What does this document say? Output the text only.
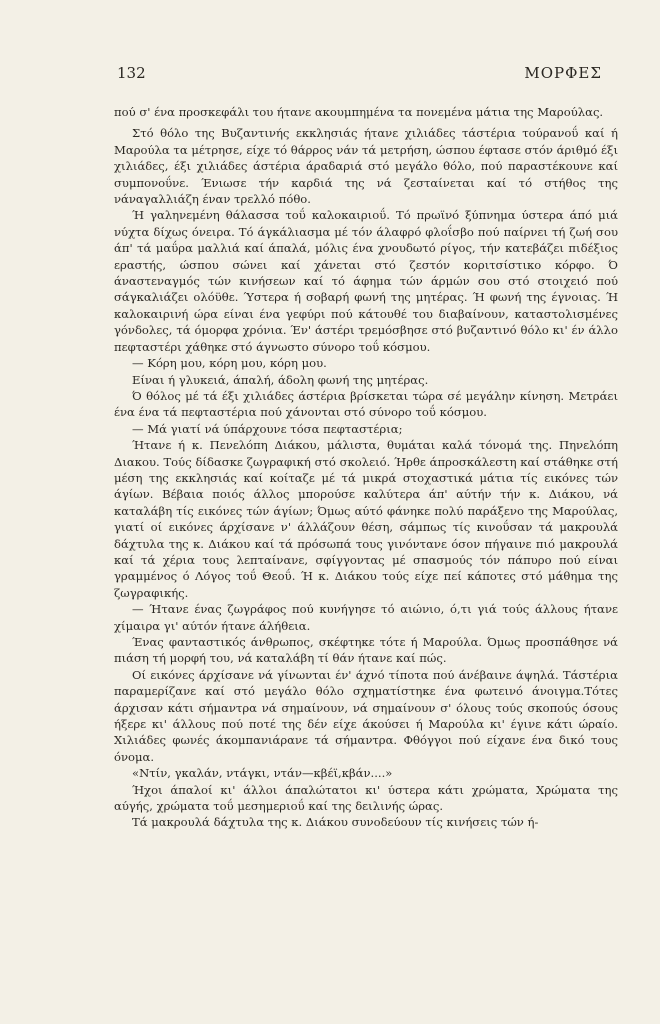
132	ΜΟΡΦΕΣ

πού σ' ένα προσκεφάλι του ήτανε ακουμπημένα τα πονεμένα μάτια της Μαρούλας.

Στό θόλο της Βυζαντινής εκκλησιάς ήτανε χιλιάδες τάστέρια τούρανοΰ καί ή Μαρούλα τα μέτρησε, είχε τό θάρρος νάν τά μετρήση, ώσπου έφτασε στόν άριθμό έξι χιλιάδες, έξι χιλιάδες άστέρια άραδαριά στό μεγάλο θόλο, πού παραστέκουνε καί συμπονοΰνε. Ένιωσε τήν καρδιά της νά ζεσταίνεται καί τό στήθος της νάναγαλλιάζη έναν τρελλό πόθο.

Ή γαληνεμένη θάλασσα τοΰ καλοκαιριοΰ. Τό πρωϊνό ξύπνημα ύστερα άπό μιά νύχτα δίχως όνειρα. Τό άγκάλιασμα μέ τόν άλαφρό φλοΐσβο πού παίρνει τή ζωή σου άπ' τά μαΰρα μαλλιά καί άπαλά, μόλις ένα χνουδωτό ρίγος, τήν κατεβάζει πιδέξιος εραστής, ώσπου σώνει καί χάνεται στό ζεστόν κοριτσίστικο κόρφο. Ό άναστεναγμός τών κινήσεων καί τό άφημα τών άρμών σου στό στοιχειό πού σάγκαλιάζει ολόϋθε. Ύστερα ή σοβαρή φωνή της μητέρας. Ή φωνή της έγνοιας. Ή καλοκαιρινή ώρα είναι ένα γεφύρι πού κάτουθέ του διαβαίνουν, καταστολισμένες γόνδολες, τά όμορφα χρόνια. Έν' άστέρι τρεμόσβησε στό βυζαντινό θόλο κι' έν άλλο πεφταστέρι χάθηκε στό άγνωστο σύνορο τοΰ κόσμου.

— Κόρη μου, κόρη μου, κόρη μου.

Είναι ή γλυκειά, άπαλή, άδολη φωνή της μητέρας.

Ό θόλος μέ τά έξι χιλιάδες άστέρια βρίσκεται τώρα σέ μεγάλην κίνηση. Μετράει ένα ένα τά πεφταστέρια πού χάνονται στό σύνορο τοΰ κόσμου.

— Μά γιατί νά ύπάρχουνε τόσα πεφταστέρια;

Ήτανε ή κ. Πενελόπη Διάκου, μάλιστα, θυμάται καλά τόνομά της. Πηνελόπη Διακου. Τούς δίδασκε ζωγραφική στό σκολειό. Ήρθε άπροσκάλεστη καί στάθηκε στή μέση της εκκλησιάς καί κοίταζε μέ τά μικρά στοχαστικά μάτια τίς εικόνες τών άγίων. Βέβαια ποιός άλλος μπορούσε καλύτερα άπ' αύτήν τήν κ. Διάκου, νά καταλάβη τίς εικόνες τών άγίων; Όμως αύτό φάνηκε πολύ παράξενο της Μαρούλας, γιατί οί εικόνες άρχίσανε ν' άλλάζουν θέση, σάμπως τίς κινοΰσαν τά μακρουλά δάχτυλα της κ. Διάκου καί τά πρόσωπά τους γινόντανε όσον πήγαινε πιό μακρουλά καί τά χέρια τους λεπταίνανε, σφίγγοντας μέ σπασμούς τόν πάπυρο πού είναι γραμμένος ό Λόγος τοΰ Θεοΰ. Ή κ. Διάκου τούς είχε πεί κάποτες στό μάθημα της ζωγραφικής.

— Ήτανε ένας ζωγράφος πού κυνήγησε τό αιώνιο, ό,τι γιά τούς άλλους ήτανε χίμαιρα γι' αύτόν ήτανε άλήθεια.

Ένας φανταστικός άνθρωπος, σκέφτηκε τότε ή Μαρούλα. Όμως προσπάθησε νά πιάση τή μορφή του, νά καταλάβη τί θάν ήτανε καί πώς.

Οί εικόνες άρχίσανε νά γίνωνται έν' άχνό τίποτα πού άνέβαινε άψηλά. Τάστέρια παραμερίζανε καί στό μεγάλο θόλο σχηματίστηκε ένα φωτεινό άνοιγμα.Τότες άρχισαν κάτι σήμαντρα νά σημαίνουν, νά σημαίνουν σ' όλους τούς σκοπούς όσους ήξερε κι' άλλους πού ποτέ της δέν είχε άκούσει ή Μαρούλα κι' έγινε κάτι ώραίο. Χιλιάδες φωνές άκομπανιάρανε τά σήμαντρα. Φθόγγοι πού είχανε ένα δικό τους όνομα.

«Ντίν, γκαλάν, ντάγκι, ντάν—κβέϊ,κβάν....»

Ήχοι άπαλοί κι' άλλοι άπαλώτατοι κι' ύστερα κάτι χρώματα, Χρώματα της αύγής, χρώματα τοΰ μεσημεριοΰ καί της δειλινής ώρας.

Τά μακρουλά δάχτυλα της κ. Διάκου συνοδεύουν τίς κινήσεις τών ή-
